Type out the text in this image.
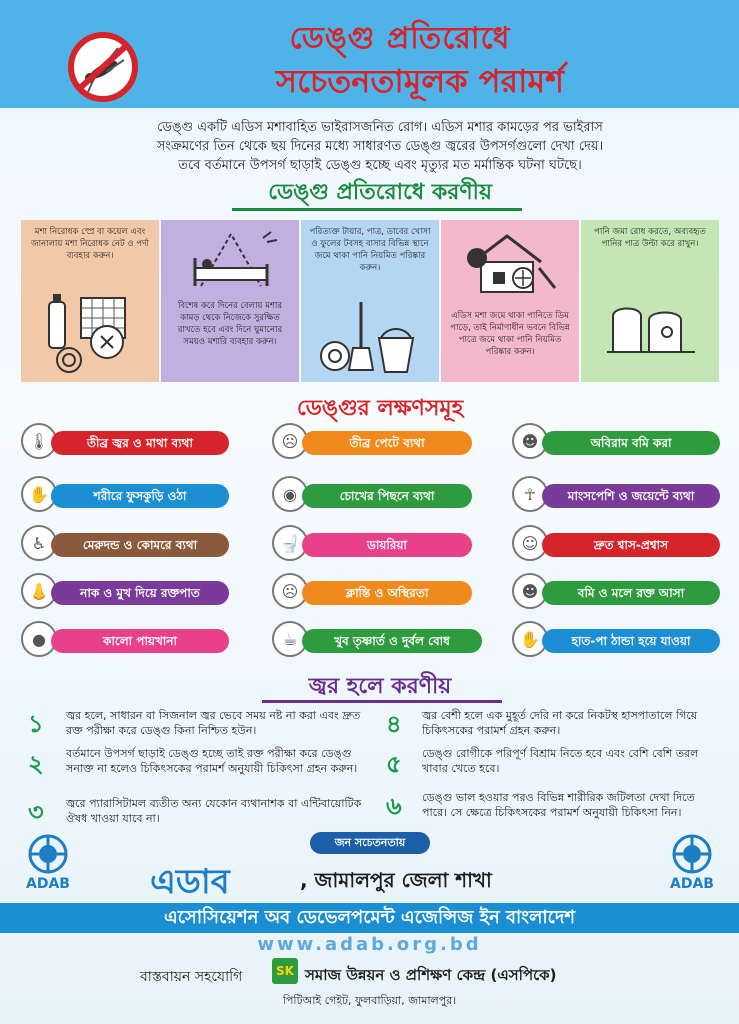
ডেঙ্গু প্রতিরোধে
সচেতনতামূলক পরামর্শ
ডেঙ্গু একটি এডিস মশাবাহিত ভাইরাসজনিত রোগ। এডিস মশার কামড়ের পর ভাইরাস
সংক্রমণের তিন থেকে ছয় দিনের মধ্যে সাধারণত ডেঙ্গু জ্বরের উপসর্গগুলো দেখা দেয়।
তবে বর্তমানে উপসর্গ ছাড়াই ডেঙ্গু হচ্ছে এবং মৃত্যুর মত মর্মান্তিক ঘটনা ঘটছে।
ডেঙ্গু প্রতিরোধে করণীয়
মশা নিরোধক স্প্রে বা কয়েল এবং জানালায় মশা নিরোধক নেট ও পর্দা ব্যবহার করুন।
বিশেষ করে দিনের বেলায় মশার কামড় থেকে নিজেকে সুরক্ষিত রাখতে হবে এবং দিনে ঘুমানোর সময়ও মশারি ব্যবহার করুন।
পরিত্যক্ত টায়ার, পাত্র, ডাবের খোসা ও ফুলের টবসহ বাসার বিভিন্ন স্থানে জমে থাকা পানি নিয়মিত পরিষ্কার করুন।
এডিস মশা জমে থাকা পানিতে ডিম পাড়ে, তাই নির্মাণাধীন ভবনে বিভিন্ন পাত্রে জমে থাকা পানি নিয়মিত পরিষ্কার করুন।
পানি জমা রোধ করতে, অব্যবহৃত পানির পাত্র উল্টা করে রাখুন।
ডেঙ্গুর লক্ষণসমূহ
🌡	তীব্র জ্বর ও মাথা ব্যথা	☹	তীব্র পেটে ব্যথা	☻	অবিরাম বমি করা
✋	শরীরে ফুসকুড়ি ওঠা	◉	চোখের পিছনে ব্যথা	☥	মাংসপেশি ও জয়েন্টে ব্যথা
♿	মেরুদন্ড ও কোমরে ব্যথা	🚽	ডায়রিয়া	☺	দ্রুত শ্বাস-প্রশ্বাস
👃	নাক ও মুখ দিয়ে রক্তপাত	☹	ক্লান্তি ও অস্থিরতা	☻	বমি ও মলে রক্ত আসা
●	কালো পায়খানা	☕	খুব তৃষ্ণার্ত ও দুর্বল বোধ	✋	হাত-পা ঠান্ডা হয়ে যাওয়া
জ্বর হলে করণীয়
১ জ্বর হলে, সাধারন বা সিজনাল জ্বর ভেবে সময় নষ্ট না করা এবং দ্রুত রক্ত পরীক্ষা করে ডেঙ্গু কিনা নিশ্চিত হউন।
২ বর্তমানে উপসর্গ ছাড়াই ডেঙ্গু হচ্ছে তাই রক্ত পরীক্ষা করে ডেঙ্গু সনাক্ত না হলেও চিকিৎসকের পরামর্শ অনুযায়ী চিকিৎসা গ্রহন করুন।
৩ জ্বরে প্যারাসিটামল ব্যতীত অন্য যেকোন ব্যথানাশক বা এন্টিবায়োটিক ঔষধ খাওয়া যাবে না।
৪ জ্বর বেশী হলে এক মুহূর্ত দেরি না করে নিকটস্থ হাসপাতালে গিয়ে চিকিৎসকের পরামর্শ গ্রহন করুন।
৫ ডেঙ্গু রোগীকে পরিপূর্ণ বিশ্রাম নিতে হবে এবং বেশি বেশি তরল খাবার খেতে হবে।
৬ ডেঙ্গু ভাল হওয়ার পরও বিভিন্ন শারীরিক জটিলতা দেখা দিতে পারে। সে ক্ষেত্রে চিকিৎসকের পরামর্শ অনুযায়ী চিকিৎসা নিন।
জন সচেতনতায়
ADAB	ADAB
এডাব	, জামালপুর জেলা শাখা
এসোসিয়েশন অব ডেভেলপমেন্ট এজেন্সিজ ইন বাংলাদেশ
www.adab.org.bd
বাস্তবায়ন সহযোগি	SK সমাজ উন্নয়ন ও প্রশিক্ষণ কেন্দ্র (এসপিকে)
পিটিআই গেইট, ফুলবাড়িয়া, জামালপুর।
